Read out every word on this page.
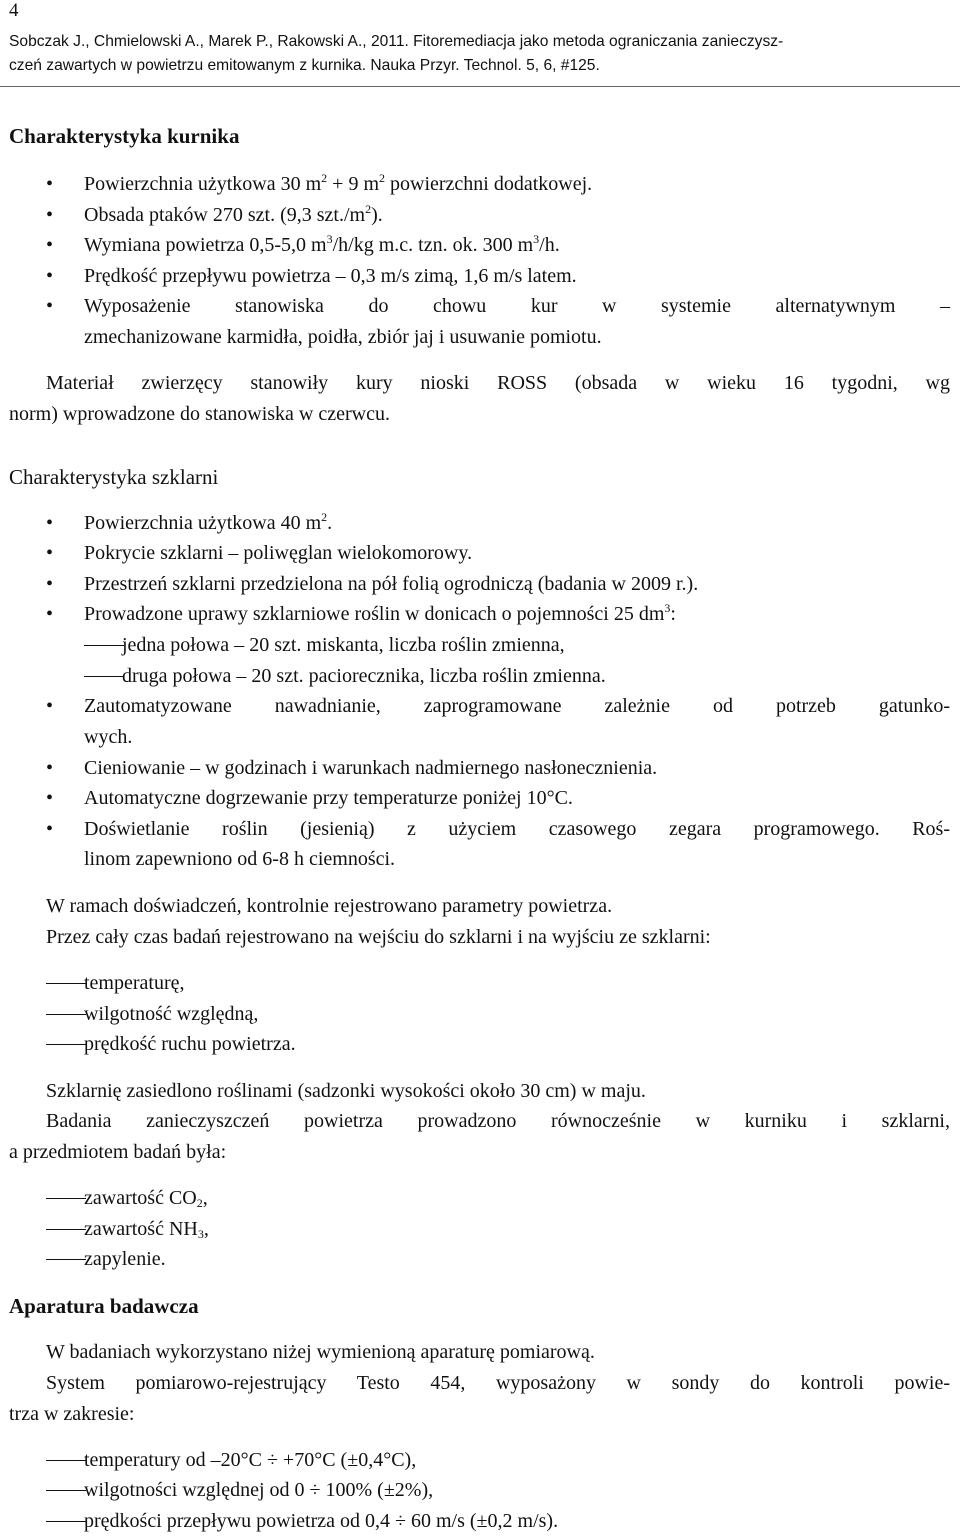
4
Sobczak J., Chmielowski A., Marek P., Rakowski A., 2011. Fitoremediacja jako metoda ograniczania zanieczysz-
czeń zawartych w powietrzu emitowanym z kurnika. Nauka Przyr. Technol. 5, 6, #125.
Charakterystyka kurnika
• Powierzchnia użytkowa 30 $m^2 + 9$ $m^2$ powierzchni dodatkowej.
• Obsada ptaków 270 szt. (9,3 $szt./m^2$).
• Wymiana powietrza 0,5-5,0 $m^3/h/kg$ m.c. tzn. ok. 300 $m^3/h$.
• Prędkość przepływu powietrza – 0,3 m/s zimą, 1,6 m/s latem.
• Wyposażenie stanowiska do chowu kur w systemie alternatywnym –
zmechanizowane karmidła, poidła, zbiór jaj i usuwanie pomiotu.
Materiał zwierzęcy stanowiły kury nioski ROSS (obsada w wieku 16 tygodni, wg
norm) wprowadzone do stanowiska w czerwcu.
Charakterystyka szklarni
• Powierzchnia użytkowa 40 $m^2$.
• Pokrycie szklarni – poliwęglan wielokomorowy.
• Przestrzeń szklarni przedzielona na pół folią ogrodniczą (badania w 2009 r.).
• Prowadzone uprawy szklarniowe roślin w donicach o pojemności 25 $dm^3$:
jedna połowa – 20 szt. miskanta, liczba roślin zmienna,
druga połowa – 20 szt. paciorecznika, liczba roślin zmienna.
• Zautomatyzowane nawadnianie, zaprogramowane zależnie od potrzeb gatunko-
wych.
• Cieniowanie – w godzinach i warunkach nadmiernego nasłonecznienia.
• Automatyczne dogrzewanie przy temperaturze poniżej 10°C.
• Doświetlanie roślin (jesienią) z użyciem czasowego zegara programowego. Roś-
linom zapewniono od 6-8 h ciemności.
W ramach doświadczeń, kontrolnie rejestrowano parametry powietrza.
Przez cały czas badań rejestrowano na wejściu do szklarni i na wyjściu ze szklarni:
temperaturę,
wilgotność względną,
prędkość ruchu powietrza.
Szklarnię zasiedlono roślinami (sadzonki wysokości około 30 cm) w maju.
Badania zanieczyszczeń powietrza prowadzono równocześnie w kurniku i szklarni,
a przedmiotem badań była:
zawartość $CO_2$,
zawartość $NH_3$,
zapylenie.
Aparatura badawcza
W badaniach wykorzystano niżej wymienioną aparaturę pomiarową.
System pomiarowo-rejestrujący Testo 454, wyposażony w sondy do kontroli powie-
trza w zakresie:
temperatury od –20°C ÷ +70°C (±0,4°C),
wilgotności względnej od 0 ÷ 100% (±2%),
prędkości przepływu powietrza od 0,4 ÷ 60 m/s (±0,2 m/s).
